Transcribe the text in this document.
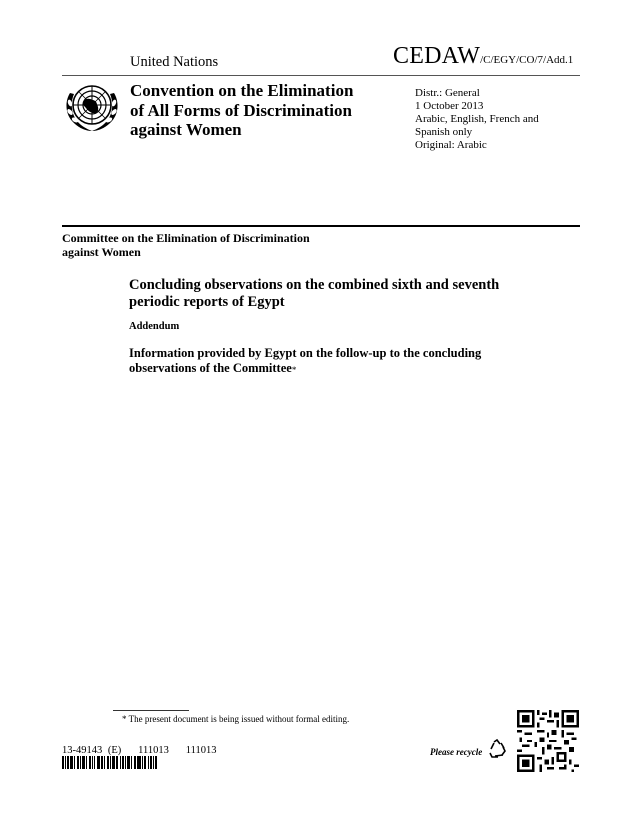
United Nations	CEDAW/C/EGY/CO/7/Add.1
Convention on the Elimination
of All Forms of Discrimination
against Women
Distr.: General
1 October 2013
Arabic, English, French and
Spanish only
Original: Arabic
Committee on the Elimination of Discrimination
against Women
Concluding observations on the combined sixth and seventh
periodic reports of Egypt
Addendum
Information provided by Egypt on the follow-up to the concluding
observations of the Committee*
* The present document is being issued without formal editing.
13-49143 (E)   111013   111013	Please recycle
